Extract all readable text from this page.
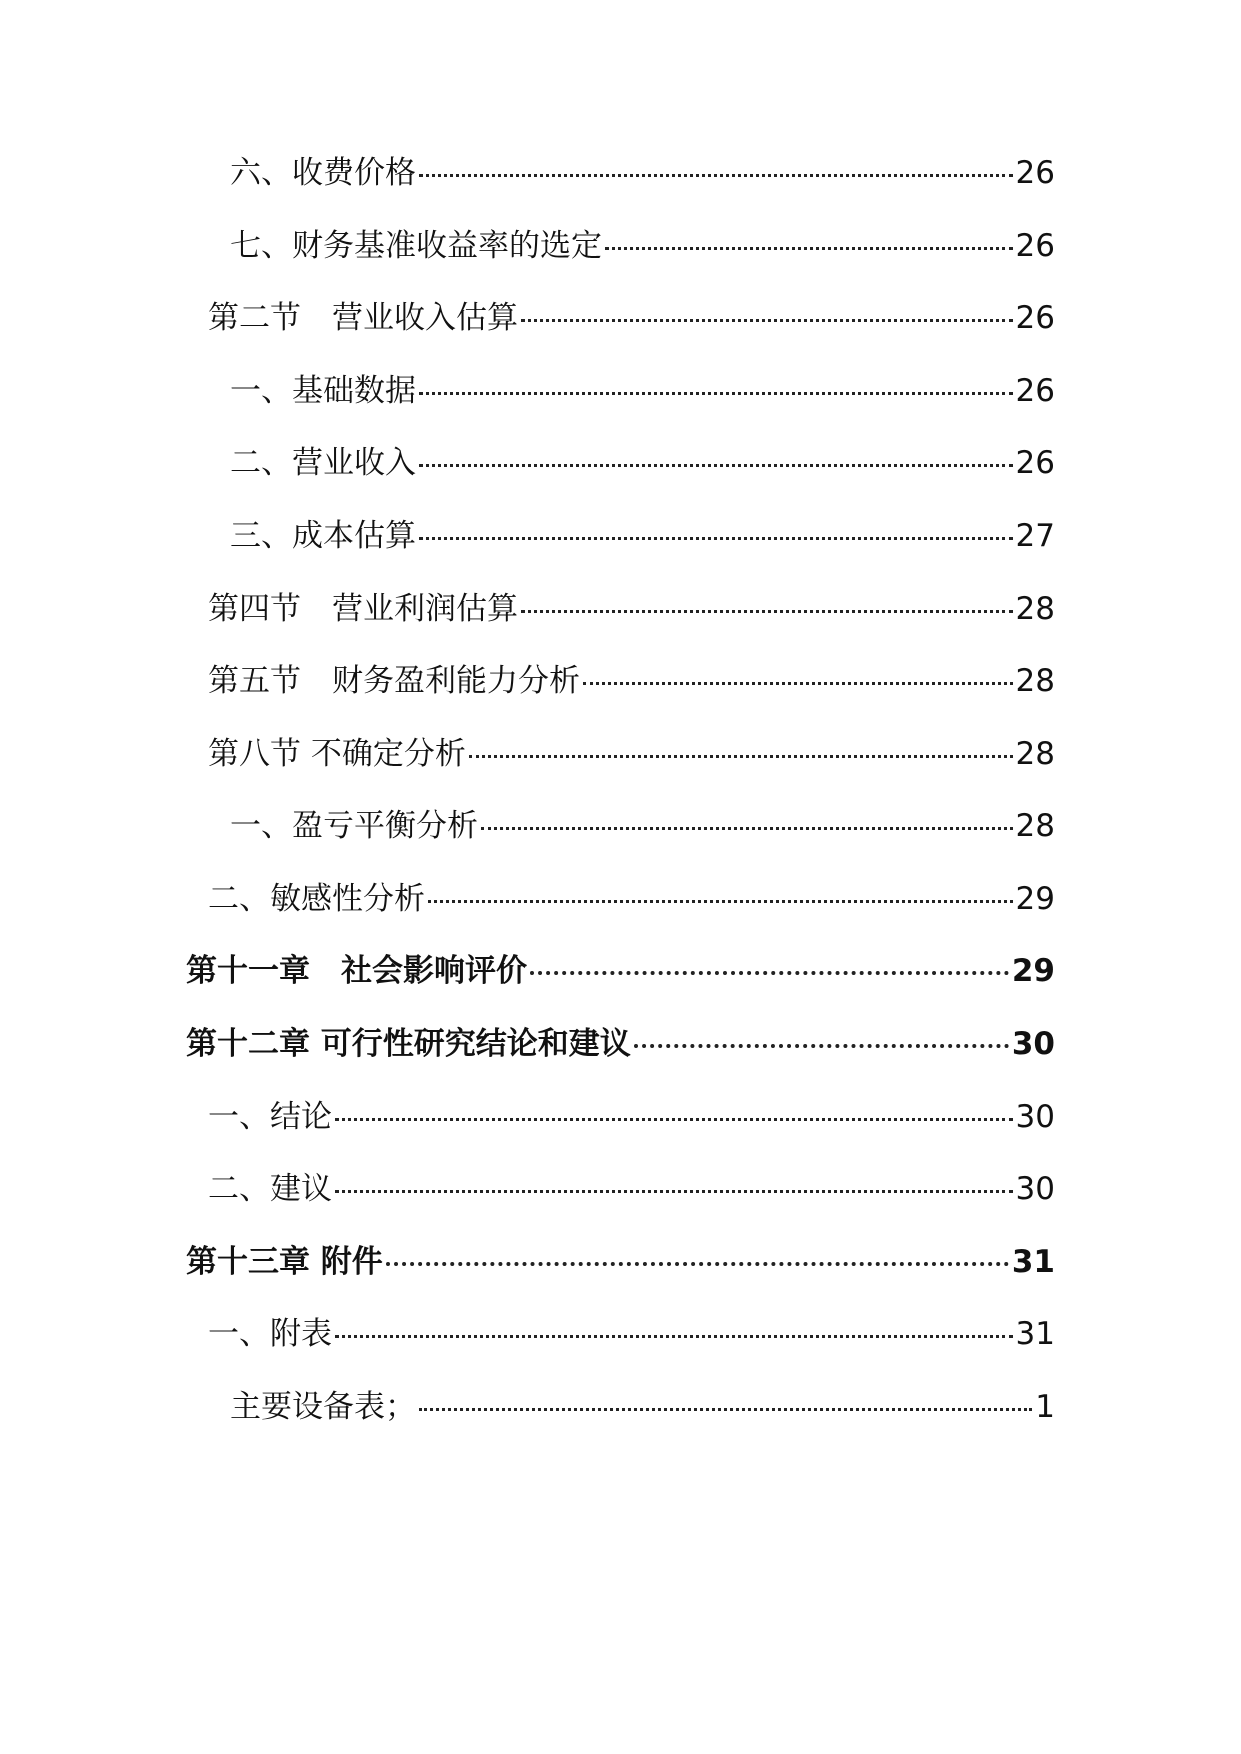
六、收费价格	26
七、财务基准收益率的选定	26
第二节　营业收入估算	26
一、基础数据	26
二、营业收入	26
三、成本估算	27
第四节　营业利润估算	28
第五节　财务盈利能力分析	28
第八节 不确定分析	28
一、盈亏平衡分析	28
二、敏感性分析	29
第十一章　社会影响评价	29
第十二章 可行性研究结论和建议	30
一、结论	30
二、建议	30
第十三章 附件	31
一、附表	31
主要设备表；	1
